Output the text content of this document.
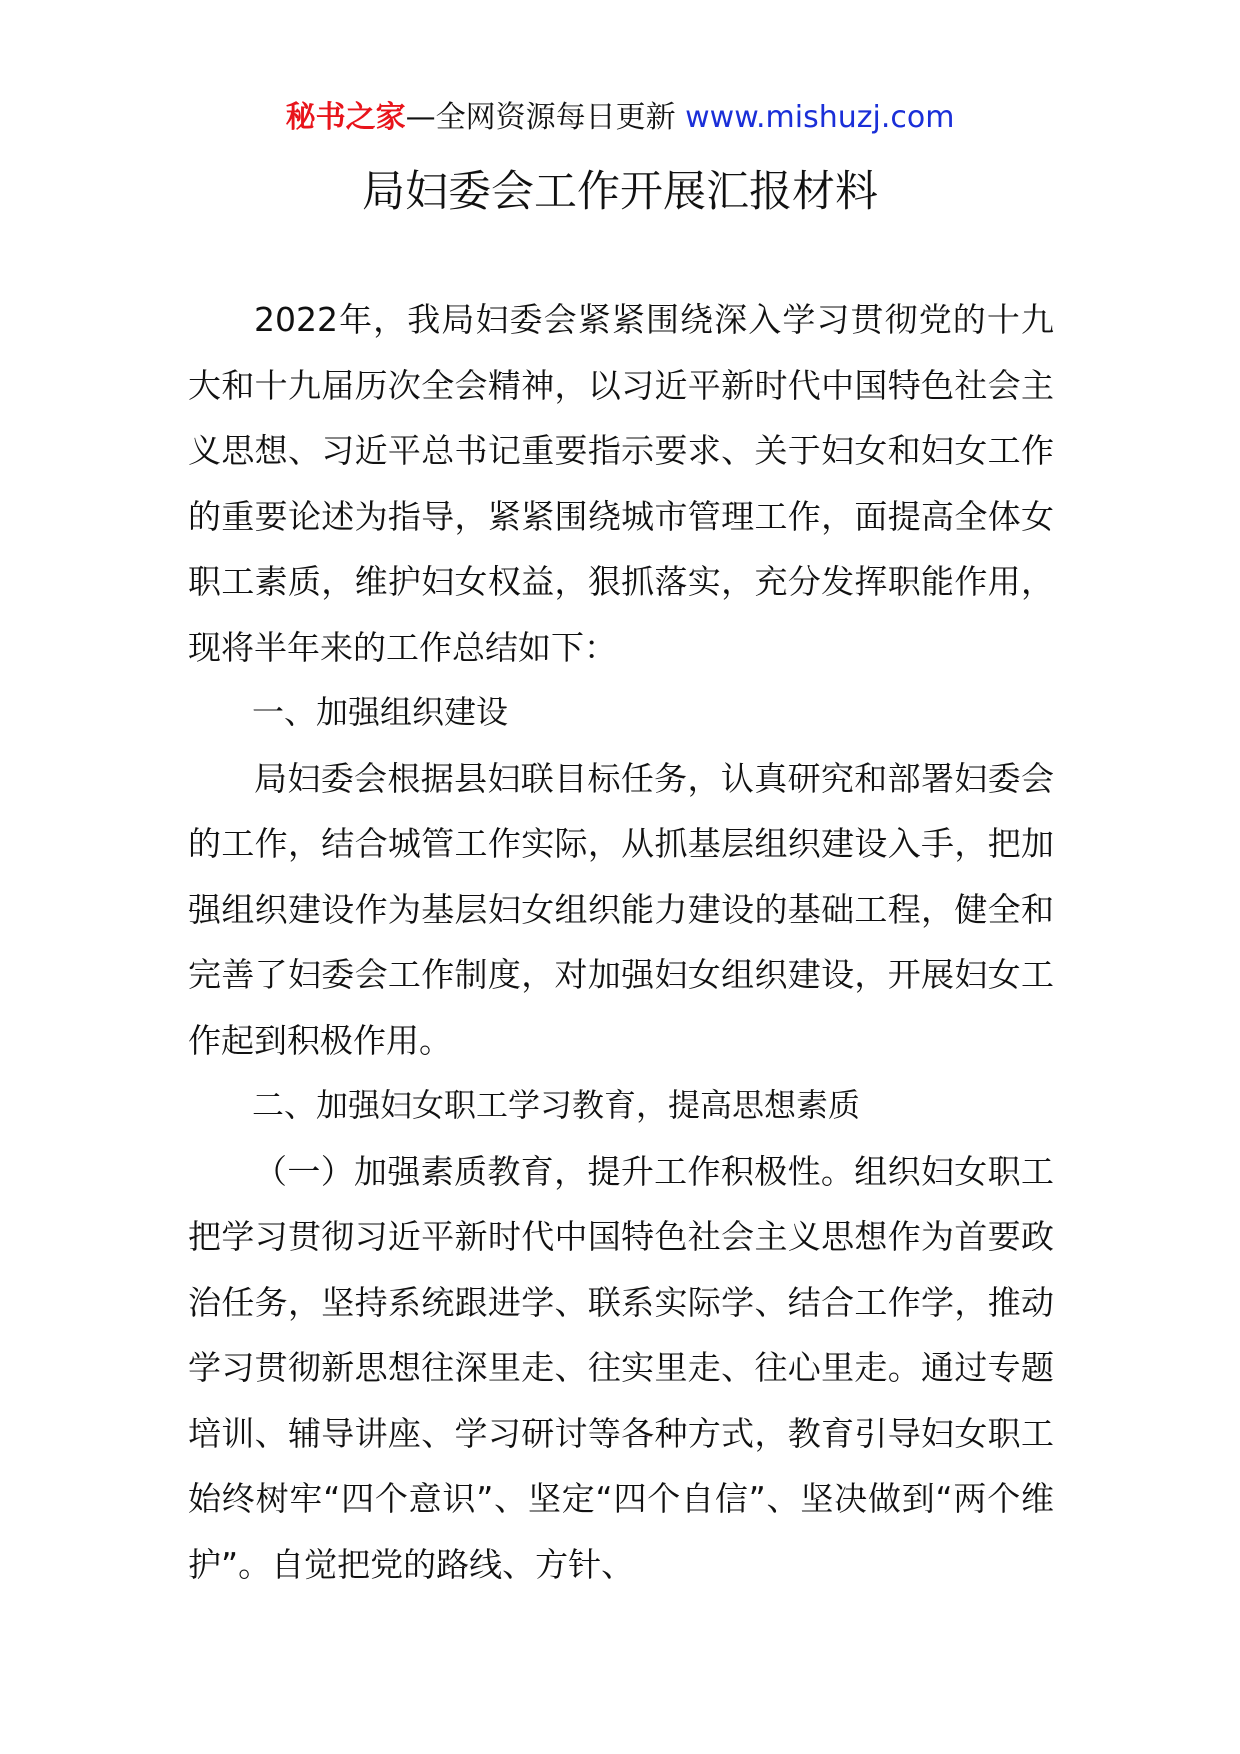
秘书之家—全网资源每日更新 www.mishuzj.com
局妇委会工作开展汇报材料

2022年，我局妇委会紧紧围绕深入学习贯彻党的十九大和十九届历次全会精神，以习近平新时代中国特色社会主义思想、习近平总书记重要指示要求、关于妇女和妇女工作的重要论述为指导，紧紧围绕城市管理工作，面提高全体女职工素质，维护妇女权益，狠抓落实，充分发挥职能作用，现将半年来的工作总结如下：

一、加强组织建设

局妇委会根据县妇联目标任务，认真研究和部署妇委会的工作，结合城管工作实际，从抓基层组织建设入手，把加强组织建设作为基层妇女组织能力建设的基础工程，健全和完善了妇委会工作制度，对加强妇女组织建设，开展妇女工作起到积极作用。

二、加强妇女职工学习教育，提高思想素质

（一）加强素质教育，提升工作积极性。组织妇女职工把学习贯彻习近平新时代中国特色社会主义思想作为首要政治任务，坚持系统跟进学、联系实际学、结合工作学，推动学习贯彻新思想往深里走、往实里走、往心里走。通过专题培训、辅导讲座、学习研讨等各种方式，教育引导妇女职工始终树牢“四个意识”、坚定“四个自信”、坚决做到“两个维护”。自觉把党的路线、方针、
